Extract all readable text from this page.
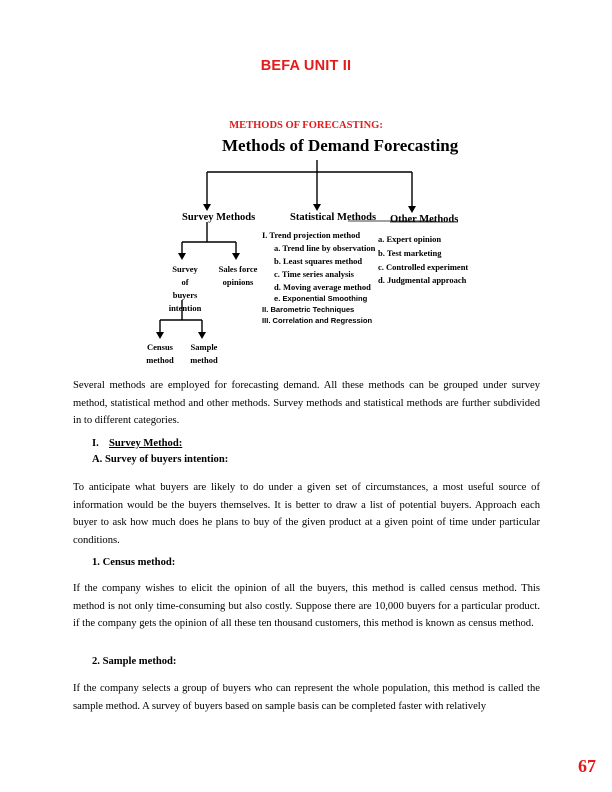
BEFA UNIT II
METHODS OF FORECASTING:
Methods of Demand Forecasting
Survey Methods	Statistical Methods Other Methods
Survey of
buyers
intention
Sales force
opinions
Census
method
Sample
method
I. Trend projection method
a. Trend line by observation
b. Least squares method
c. Time series analysis
d. Moving average method
e. Exponential Smoothing
II. Barometric Techniques
III. Correlation and Regression
a. Expert opinion
b. Test marketing
c. Controlled experiment
d. Judgmental approach
Several methods are employed for forecasting demand. All these methods can be grouped under survey method, statistical method and other methods. Survey methods and statistical methods are further subdivided in to different categories.
I. Survey Method:
A. Survey of buyers intention:
To anticipate what buyers are likely to do under a given set of circumstances, a most useful source of information would be the buyers themselves. It is better to draw a list of potential buyers. Approach each buyer to ask how much does he plans to buy of the given product at a given point of time under particular conditions.
1. Census method:
If the company wishes to elicit the opinion of all the buyers, this method is called census method. This method is not only time-consuming but also costly. Suppose there are 10,000 buyers for a particular product. if the company gets the opinion of all these ten thousand customers, this method is known as census method.
2. Sample method:
If the company selects a group of buyers who can represent the whole population, this method is called the sample method. A survey of buyers based on sample basis can be completed faster with relatively
67
